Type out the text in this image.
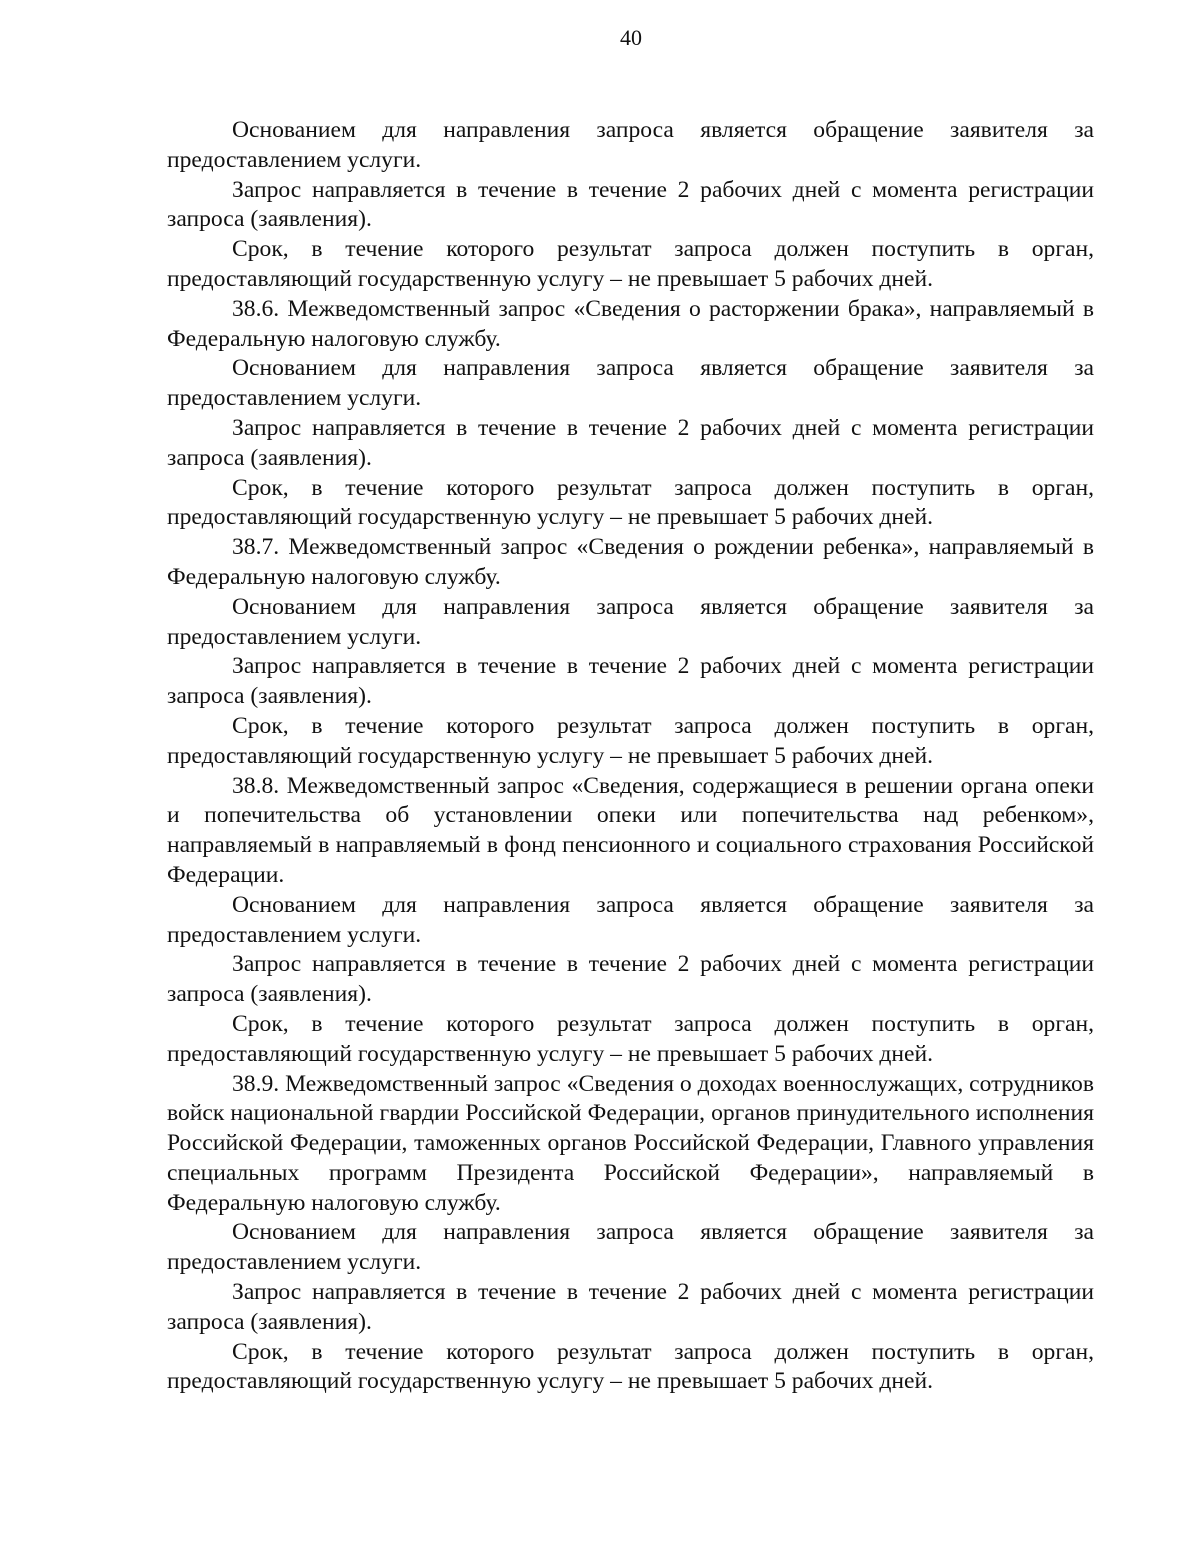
40

Основанием для направления запроса является обращение заявителя за предоставлением услуги.

Запрос направляется в течение в течение 2 рабочих дней с момента регистрации запроса (заявления).

Срок, в течение которого результат запроса должен поступить в орган, предоставляющий государственную услугу – не превышает 5 рабочих дней.

38.6. Межведомственный запрос «Сведения о расторжении брака», направляемый в Федеральную налоговую службу.

Основанием для направления запроса является обращение заявителя за предоставлением услуги.

Запрос направляется в течение в течение 2 рабочих дней с момента регистрации запроса (заявления).

Срок, в течение которого результат запроса должен поступить в орган, предоставляющий государственную услугу – не превышает 5 рабочих дней.

38.7. Межведомственный запрос «Сведения о рождении ребенка», направляемый в Федеральную налоговую службу.

Основанием для направления запроса является обращение заявителя за предоставлением услуги.

Запрос направляется в течение в течение 2 рабочих дней с момента регистрации запроса (заявления).

Срок, в течение которого результат запроса должен поступить в орган, предоставляющий государственную услугу – не превышает 5 рабочих дней.

38.8. Межведомственный запрос «Сведения, содержащиеся в решении органа опеки и попечительства об установлении опеки или попечительства над ребенком», направляемый в направляемый в фонд пенсионного и социального страхования Российской Федерации.

Основанием для направления запроса является обращение заявителя за предоставлением услуги.

Запрос направляется в течение в течение 2 рабочих дней с момента регистрации запроса (заявления).

Срок, в течение которого результат запроса должен поступить в орган, предоставляющий государственную услугу – не превышает 5 рабочих дней.

38.9. Межведомственный запрос «Сведения о доходах военнослужащих, сотрудников войск национальной гвардии Российской Федерации, органов принудительного исполнения Российской Федерации, таможенных органов Российской Федерации, Главного управления специальных программ Президента Российской Федерации», направляемый в Федеральную налоговую службу.

Основанием для направления запроса является обращение заявителя за предоставлением услуги.

Запрос направляется в течение в течение 2 рабочих дней с момента регистрации запроса (заявления).

Срок, в течение которого результат запроса должен поступить в орган, предоставляющий государственную услугу – не превышает 5 рабочих дней.
